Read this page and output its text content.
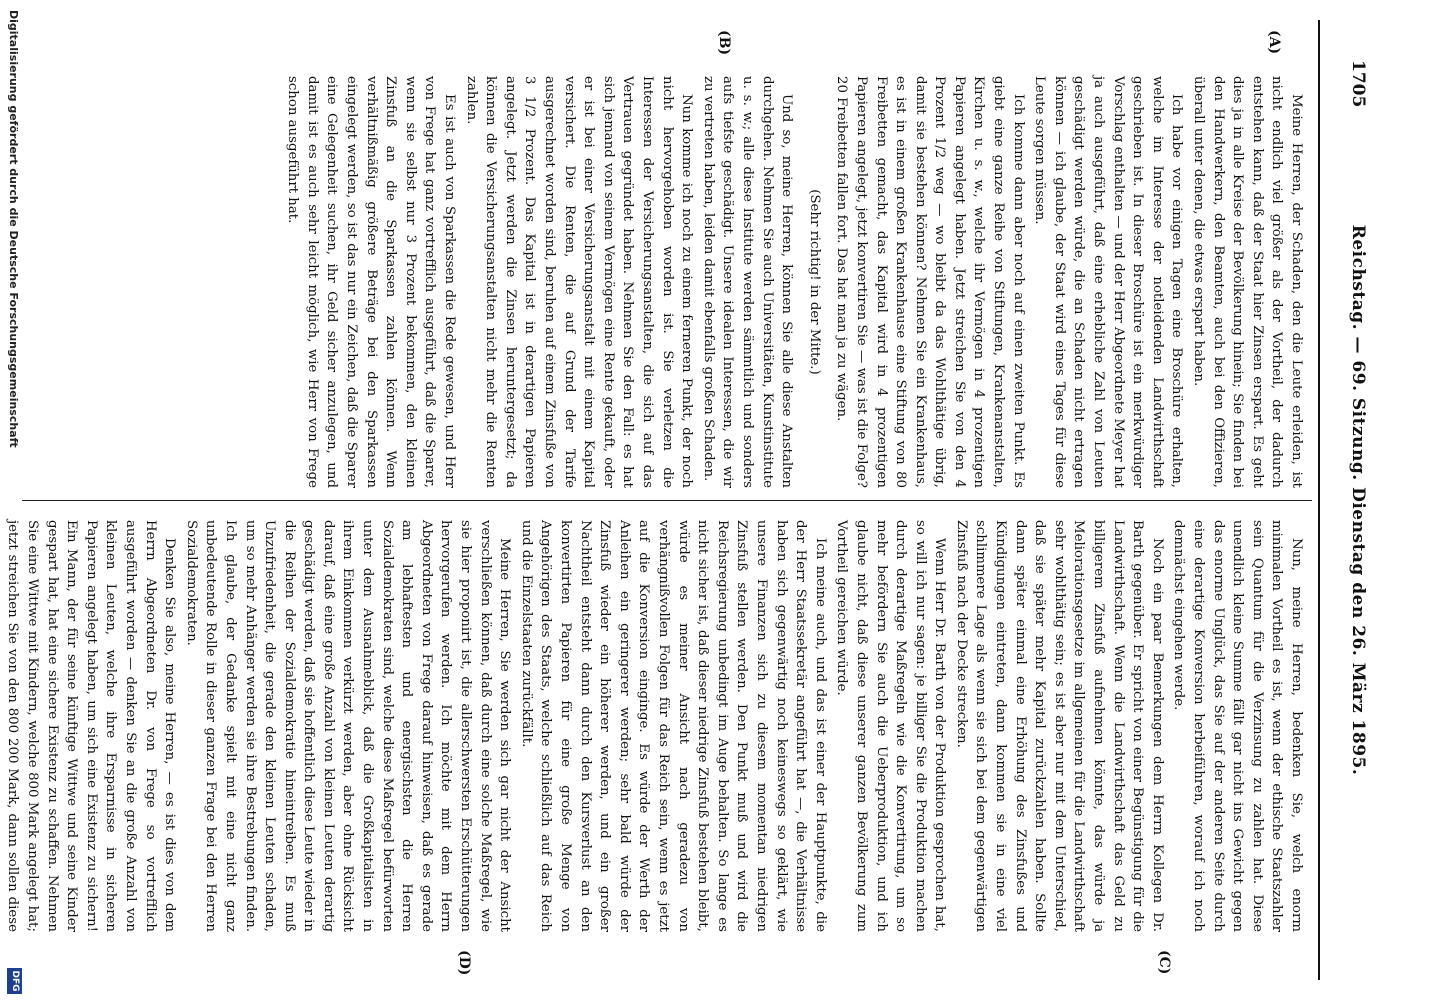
1705
Reichstag. — 69. Sitzung. Dienstag den 26. März 1895.
(C)
(D)
(A)
(B)

Meine Herren, der Schaden, den die Leute erleiden, ist nicht endlich viel größer als der Vortheil, der dadurch entstehen kann, daß der Staat hier Zinsen erspart. Es geht dies ja in alle Kreise der Bevölkerung hinein; Sie finden bei den Handwerkern, den Beamten, auch bei den Offizieren, überall unter denen, die etwas erspart haben.

Ich habe vor einigen Tagen eine Broschüre erhalten, welche im Interesse der notleidenden Landwirthschaft geschrieben ist. In dieser Broschüre ist ein merkwürdiger Vorschlag enthalten — und der Herr Abgeordnete Meyer hat ja auch ausgeführt, daß eine erhebliche Zahl von Leuten geschädigt werden würde, die an Schaden nicht ertragen können — ich glaube, der Staat wird eines Tages für diese Leute sorgen müssen.

Ich komme dann aber noch auf einen zweiten Punkt. Es giebt eine ganze Reihe von Stiftungen, Krankenanstalten, Kirchen u. s. w., welche ihr Vermögen in 4 prozentigen Papieren angelegt haben. Jetzt streichen Sie von den 4 Prozent 1/2 weg — wo bleibt da das Wohlthätige übrig, damit sie bestehen können? Nehmen Sie ein Krankenhaus, es ist in einem großen Krankenhause eine Stiftung von 80 Freibetten gemacht, das Kapital wird in 4 prozentigen Papieren angelegt, jetzt konvertiren Sie — was ist die Folge? 20 Freibetten fallen fort. Das hat man ja zu wägen.

(Sehr richtig! in der Mitte.)

Und so, meine Herren, können Sie alle diese Anstalten durchgehen. Nehmen Sie auch Universitäten, Kunstinstitute u. s. w.; alle diese Institute werden sämmtlich und sonders aufs tiefste geschädigt. Unsere idealen Interessen, die wir zu vertreten haben, leiden damit ebenfalls großen Schaden.

Nun komme ich noch zu einem ferneren Punkt, der noch nicht hervorgehoben worden ist. Sie verletzen die Interessen der Versicherungsanstalten, die sich auf das Vertrauen gegründet haben. Nehmen Sie den Fall: es hat sich jemand von seinem Vermögen eine Rente gekauft, oder er ist bei einer Versicherungsanstalt mit einem Kapital versichert. Die Renten, die auf Grund der Tarife ausgerechnet worden sind, beruhen auf einem Zinsfuße von 3 1/2 Prozent. Das Kapital ist in derartigen Papieren angelegt. Jetzt werden die Zinsen heruntergesetzt; da können die Versicherungsanstalten nicht mehr die Renten zahlen.

Es ist auch von Sparkassen die Rede gewesen, und Herr von Frege hat ganz vortrefflich ausgeführt, daß die Sparer, wenn sie selbst nur 3 Prozent bekommen, den kleinen Zinsfuß an die Sparkassen zahlen können. Wenn verhältnißmäßig größere Beträge bei den Sparkassen eingelegt werden, so ist das nur ein Zeichen, daß die Sparer eine Gelegenheit suchen, ihr Geld sicher anzulegen, und damit ist es auch sehr leicht möglich, wie Herr von Frege schon ausgeführt hat.

Nun, meine Herren, bedenken Sie, welch enorm minimalen Vortheil es ist, wenn der ethische Staatszahler sein Quantum für die Verzinsung zu zahlen hat. Diese unendlich kleine Summe fällt gar nicht ins Gewicht gegen das enorme Unglück, das Sie auf der anderen Seite durch eine derartige Konversion herbeiführen, worauf ich noch demnächst eingehen werde.

Noch ein paar Bemerkungen dem Herrn Kollegen Dr. Barth gegenüber. Er spricht von einer Begünstigung für die Landwirthschaft. Wenn die Landwirthschaft das Geld zu billigerem Zinsfuß aufnehmen könnte, das würde ja Meliorationsgesetze im allgemeinen für die Landwirthschaft sehr wohlthätig sein; es ist aber nur mit dem Unterschied, daß sie später mehr Kapital zurückzahlen haben. Sollte dann später einmal eine Erhöhung des Zinsfußes und Kündigungen eintreten, dann kommen sie in eine viel schlimmere Lage als wenn sie sich bei dem gegenwärtigen Zinsfuß nach der Decke strecken.

Wenn Herr Dr. Barth von der Produktion gesprochen hat, so will ich nur sagen: je billiger Sie die Produktion machen durch derartige Maßregeln wie die Konvertirung, um so mehr befördern Sie auch die Ueberproduktion, und ich glaube nicht, daß diese unserer ganzen Bevölkerung zum Vortheil gereichen würde.

Ich meine auch, und das ist einer der Hauptpunkte, die der Herr Staatssekretär angeführt hat —, die Verhältnisse haben sich gegenwärtig noch keineswegs so geklärt, wie unsere Finanzen sich zu diesem momentan niedrigen Zinsfuß stellen werden. Den Punkt muß und wird die Reichsregierung unbedingt im Auge behalten. So lange es nicht sicher ist, daß dieser niedrige Zinsfuß bestehen bleibt, würde es meiner Ansicht nach geradezu von verhängnißvollen Folgen für das Reich sein, wenn es jetzt auf die Konversion einginge. Es würde der Werth der Anleihen ein geringerer werden; sehr bald würde der Zinsfuß wieder ein höherer werden, und ein großer Nachtheil entsteht dann durch den Kursverlust an den konvertirten Papieren für eine große Menge von Angehörigen des Staats, welche schließlich auf das Reich und die Einzelstaaten zurückfällt.

Meine Herren, Sie werden sich gar nicht der Ansicht verschließen können, daß durch eine solche Maßregel, wie sie hier proponirt ist, die allerschwersten Erschütterungen hervorgerufen werden. Ich möchte mit dem Herrn Abgeordneten von Frege darauf hinweisen, daß es gerade am lebhaftesten und energischsten die Herren Sozialdemokraten sind, welche diese Maßregel befürworten unter dem Ausnahmeblick, daß die Großkapitalisten in ihrem Einkommen verkürzt werden, aber ohne Rücksicht darauf, daß eine große Anzahl von kleinen Leuten derartig geschädigt werden, daß sie hoffentlich diese Leute wieder in die Reihen der Sozialdemokratie hineintreiben. Es muß Unzufriedenheit, die gerade den kleinen Leuten schaden, um so mehr Anhänger werden sie ihre Bestrebungen finden. Ich glaube, der Gedanke spielt mit eine nicht ganz unbedeutende Rolle in dieser ganzen Frage bei den Herren Sozialdemokraten.

Denken Sie also, meine Herren, — es ist dies von dem Herrn Abgeordneten Dr. von Frege so vortrefflich ausgeführt worden — denken Sie an die große Anzahl von kleinen Leuten, welche ihre Ersparnisse in sicheren Papieren angelegt haben, um sich eine Existenz zu sichern! Ein Mann, der für seine künftige Wittwe und seine Kinder gespart hat, hat eine sichere Existenz zu schaffen. Nehmen Sie eine Wittwe mit Kindern, welche 800 Mark angelegt hat; jetzt streichen Sie von den 800 200 Mark, dann sollen diese

Digitalisierung gefördert durch die Deutsche Forschungsgemeinschaft
DFG
